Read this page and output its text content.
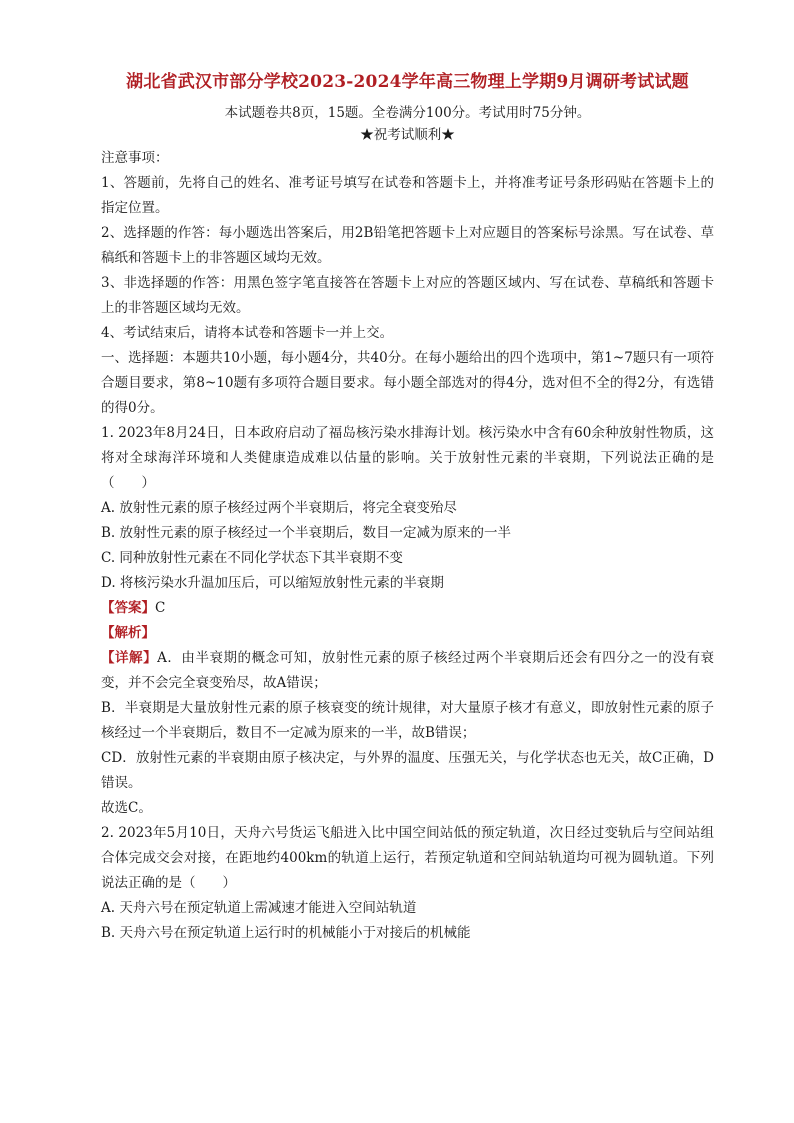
湖北省武汉市部分学校2023-2024学年高三物理上学期9月调研考试试题
本试题卷共8页，15题。全卷满分100分。考试用时75分钟。
★祝考试顺利★

注意事项：

1、答题前，先将自己的姓名、准考证号填写在试卷和答题卡上，并将准考证号条形码贴在答题卡上的指定位置。

2、选择题的作答：每小题选出答案后，用2B铅笔把答题卡上对应题目的答案标号涂黑。写在试卷、草稿纸和答题卡上的非答题区域均无效。

3、非选择题的作答：用黑色签字笔直接答在答题卡上对应的答题区域内、写在试卷、草稿纸和答题卡上的非答题区域均无效。

4、考试结束后，请将本试卷和答题卡一并上交。

一、选择题：本题共10小题，每小题4分，共40分。在每小题给出的四个选项中，第1~7题只有一项符合题目要求，第8~10题有多项符合题目要求。每小题全部选对的得4分，选对但不全的得2分，有选错的得0分。

1. 2023年8月24日，日本政府启动了福岛核污染水排海计划。核污染水中含有60余种放射性物质，这将对全球海洋环境和人类健康造成难以估量的影响。关于放射性元素的半衰期，下列说法正确的是（　　）

A. 放射性元素的原子核经过两个半衰期后，将完全衰变殆尽

B. 放射性元素的原子核经过一个半衰期后，数目一定减为原来的一半

C. 同种放射性元素在不同化学状态下其半衰期不变

D. 将核污染水升温加压后，可以缩短放射性元素的半衰期

【答案】C

【解析】

【详解】A．由半衰期的概念可知，放射性元素的原子核经过两个半衰期后还会有四分之一的没有衰变，并不会完全衰变殆尽，故A错误；

B．半衰期是大量放射性元素的原子核衰变的统计规律，对大量原子核才有意义，即放射性元素的原子核经过一个半衰期后，数目不一定减为原来的一半，故B错误；

CD．放射性元素的半衰期由原子核决定，与外界的温度、压强无关，与化学状态也无关，故C正确，D错误。

故选C。

2. 2023年5月10日，天舟六号货运飞船进入比中国空间站低的预定轨道，次日经过变轨后与空间站组合体完成交会对接，在距地约400km的轨道上运行，若预定轨道和空间站轨道均可视为圆轨道。下列说法正确的是（　　）

A. 天舟六号在预定轨道上需减速才能进入空间站轨道

B. 天舟六号在预定轨道上运行时的机械能小于对接后的机械能
